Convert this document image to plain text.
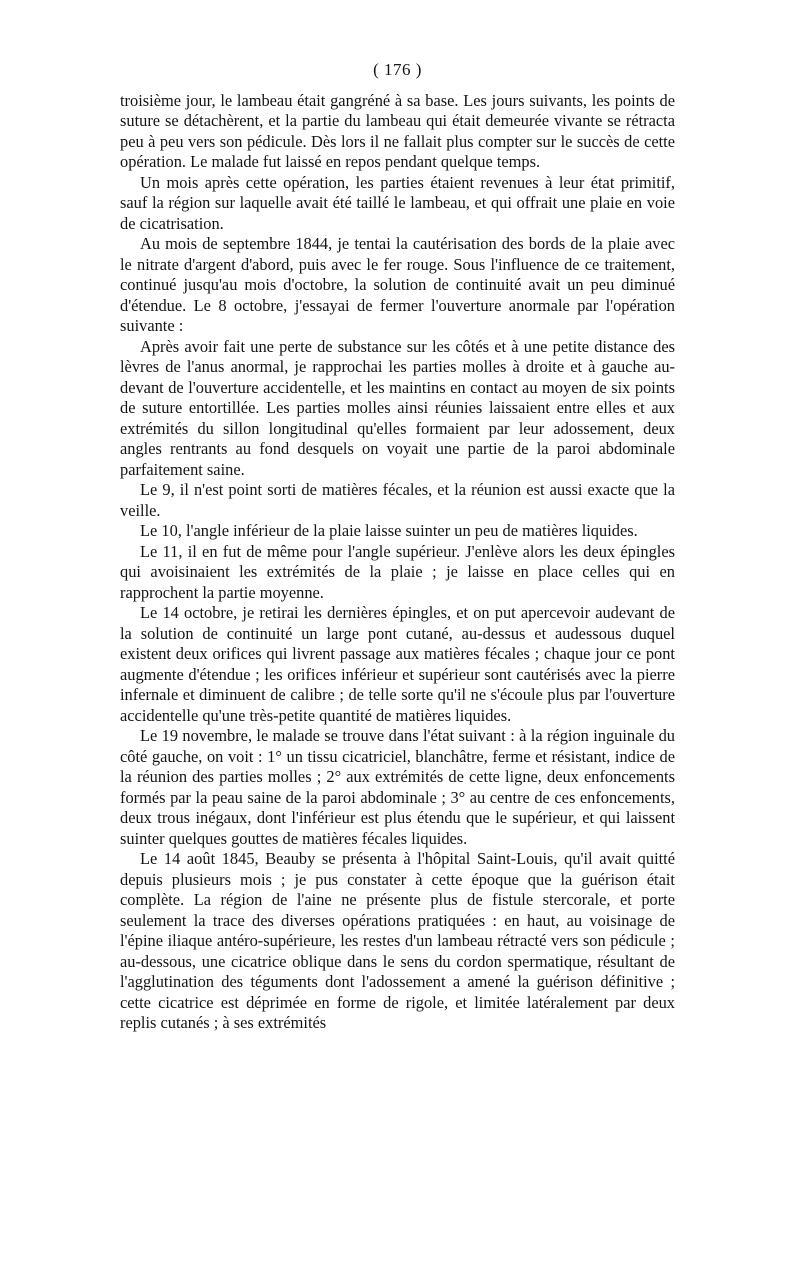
( 176 )

troisième jour, le lambeau était gangréné à sa base. Les jours suivants, les points de suture se détachèrent, et la partie du lambeau qui était demeurée vivante se rétracta peu à peu vers son pédicule. Dès lors il ne fallait plus compter sur le succès de cette opération. Le malade fut laissé en repos pendant quelque temps.

Un mois après cette opération, les parties étaient revenues à leur état primitif, sauf la région sur laquelle avait été taillé le lambeau, et qui offrait une plaie en voie de cicatrisation.

Au mois de septembre 1844, je tentai la cautérisation des bords de la plaie avec le nitrate d'argent d'abord, puis avec le fer rouge. Sous l'influence de ce traitement, continué jusqu'au mois d'octobre, la solution de continuité avait un peu diminué d'étendue. Le 8 octobre, j'essayai de fermer l'ouverture anormale par l'opération suivante :

Après avoir fait une perte de substance sur les côtés et à une petite distance des lèvres de l'anus anormal, je rapprochai les parties molles à droite et à gauche au-devant de l'ouverture accidentelle, et les maintins en contact au moyen de six points de suture entortillée. Les parties molles ainsi réunies laissaient entre elles et aux extrémités du sillon longitudinal qu'elles formaient par leur adossement, deux angles rentrants au fond desquels on voyait une partie de la paroi abdominale parfaitement saine.

Le 9, il n'est point sorti de matières fécales, et la réunion est aussi exacte que la veille.

Le 10, l'angle inférieur de la plaie laisse suinter un peu de matières liquides.

Le 11, il en fut de même pour l'angle supérieur. J'enlève alors les deux épingles qui avoisinaient les extrémités de la plaie ; je laisse en place celles qui en rapprochent la partie moyenne.

Le 14 octobre, je retirai les dernières épingles, et on put apercevoir audevant de la solution de continuité un large pont cutané, au-dessus et audessous duquel existent deux orifices qui livrent passage aux matières fécales ; chaque jour ce pont augmente d'étendue ; les orifices inférieur et supérieur sont cautérisés avec la pierre infernale et diminuent de calibre ; de telle sorte qu'il ne s'écoule plus par l'ouverture accidentelle qu'une très-petite quantité de matières liquides.

Le 19 novembre, le malade se trouve dans l'état suivant : à la région inguinale du côté gauche, on voit : 1° un tissu cicatriciel, blanchâtre, ferme et résistant, indice de la réunion des parties molles ; 2° aux extrémités de cette ligne, deux enfoncements formés par la peau saine de la paroi abdominale ; 3° au centre de ces enfoncements, deux trous inégaux, dont l'inférieur est plus étendu que le supérieur, et qui laissent suinter quelques gouttes de matières fécales liquides.

Le 14 août 1845, Beauby se présenta à l'hôpital Saint-Louis, qu'il avait quitté depuis plusieurs mois ; je pus constater à cette époque que la guérison était complète. La région de l'aine ne présente plus de fistule stercorale, et porte seulement la trace des diverses opérations pratiquées : en haut, au voisinage de l'épine iliaque antéro-supérieure, les restes d'un lambeau rétracté vers son pédicule ; au-dessous, une cicatrice oblique dans le sens du cordon spermatique, résultant de l'agglutination des téguments dont l'adossement a amené la guérison définitive ; cette cicatrice est déprimée en forme de rigole, et limitée latéralement par deux replis cutanés ; à ses extrémités
